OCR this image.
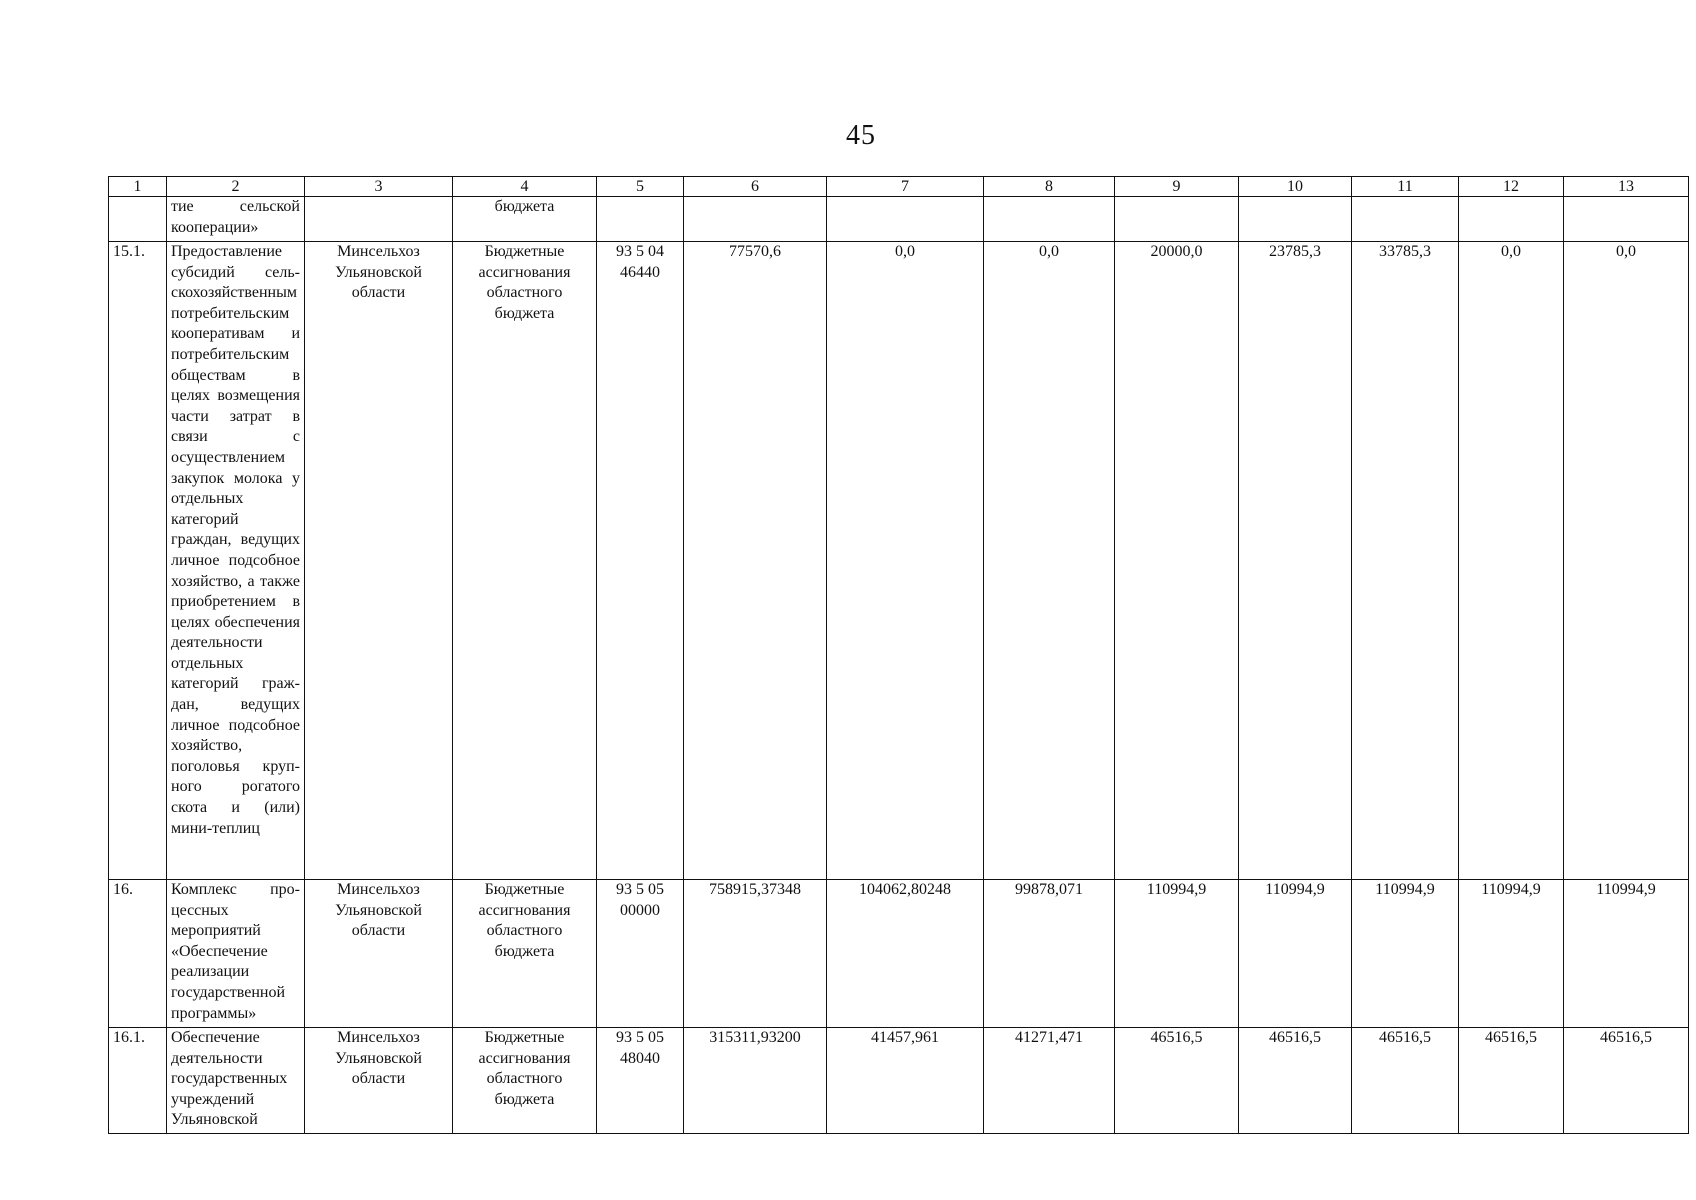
45
1	2	3	4	5	6	7	8	9	10	11	12	13
	тие сельской кооперации»		бюджета									
15.1.	Предоставление субсидий сельскохозяйственным потребительским кооперативам и потребительским обществам в целях возмещения части затрат в связи с осуществлением закупок молока у отдельных категорий граждан, ведущих личное подсобное хозяйство, а также приобретением в целях обеспечения деятельности отдельных категорий граждан, ведущих личное подсобное хозяйство, поголовья крупного рогатого скота и (или) мини-теплиц	Минсельхоз Ульяновской области	Бюджетные ассигнования областного бюджета	93 5 04 46440	77570,6	0,0	0,0	20000,0	23785,3	33785,3	0,0	0,0
16.	Комплекс процессных мероприятий «Обеспечение реализации государственной программы»	Минсельхоз Ульяновской области	Бюджетные ассигнования областного бюджета	93 5 05 00000	758915,37348	104062,80248	99878,071	110994,9	110994,9	110994,9	110994,9	110994,9
16.1.	Обеспечение деятельности государственных учреждений Ульяновской	Минсельхоз Ульяновской области	Бюджетные ассигнования областного бюджета	93 5 05 48040	315311,93200	41457,961	41271,471	46516,5	46516,5	46516,5	46516,5	46516,5
